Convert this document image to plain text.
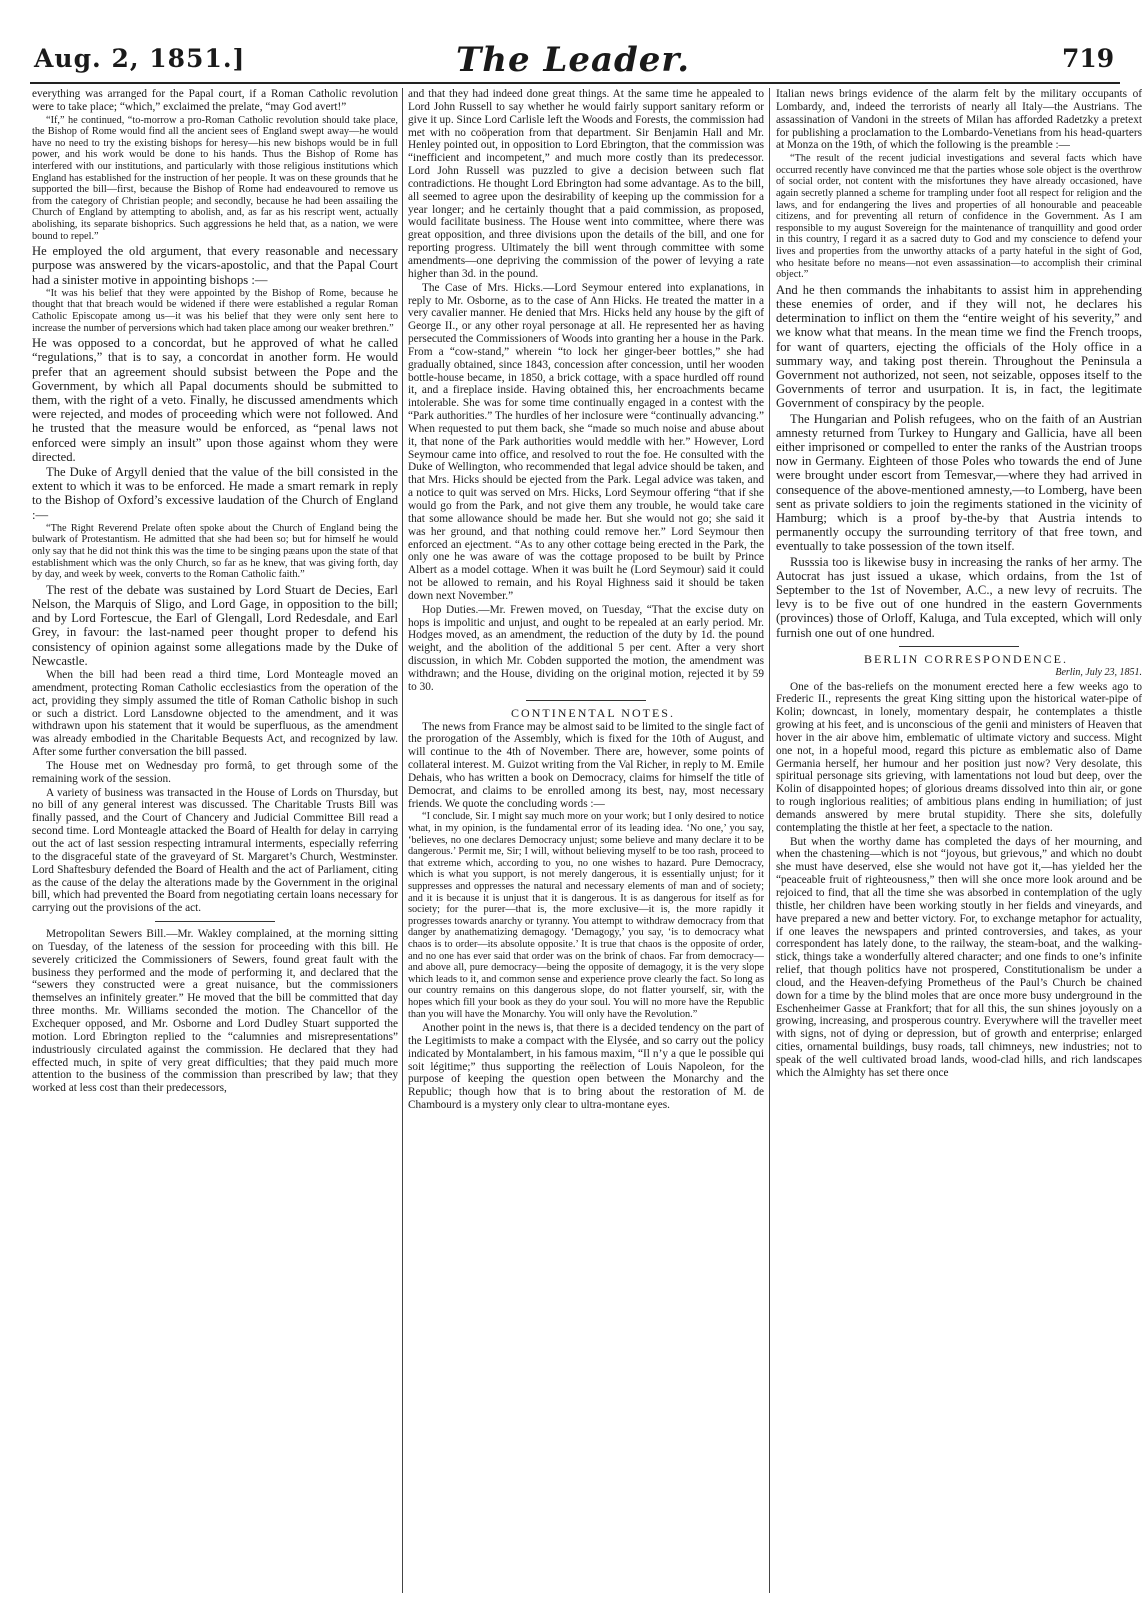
Aug. 2, 1851.]	The Leader.	719

everything was arranged for the Papal court, if a Roman Catholic revolution were to take place; “which,” exclaimed the prelate, “may God avert!”

“If,” he continued, “to-morrow a pro-Roman Catholic revolution should take place, the Bishop of Rome would find all the ancient sees of England swept away—he would have no need to try the existing bishops for heresy—his new bishops would be in full power, and his work would be done to his hands. Thus the Bishop of Rome has interfered with our institutions, and particularly with those religious institutions which England has established for the instruction of her people. It was on these grounds that he supported the bill—first, because the Bishop of Rome had endeavoured to remove us from the category of Christian people; and secondly, because he had been assailing the Church of England by attempting to abolish, and, as far as his rescript went, actually abolishing, its separate bishoprics. Such aggressions he held that, as a nation, we were bound to repel.”

He employed the old argument, that every reasonable and necessary purpose was answered by the vicars-apostolic, and that the Papal Court had a sinister motive in appointing bishops :—

“It was his belief that they were appointed by the Bishop of Rome, because he thought that that breach would be widened if there were established a regular Roman Catholic Episcopate among us—it was his belief that they were only sent here to increase the number of perversions which had taken place among our weaker brethren.”

He was opposed to a concordat, but he approved of what he called “regulations,” that is to say, a concordat in another form. He would prefer that an agreement should subsist between the Pope and the Government, by which all Papal documents should be submitted to them, with the right of a veto. Finally, he discussed amendments which were rejected, and modes of proceeding which were not followed. And he trusted that the measure would be enforced, as “penal laws not enforced were simply an insult” upon those against whom they were directed.

The Duke of Argyll denied that the value of the bill consisted in the extent to which it was to be enforced. He made a smart remark in reply to the Bishop of Oxford’s excessive laudation of the Church of England :—

“The Right Reverend Prelate often spoke about the Church of England being the bulwark of Protestantism. He admitted that she had been so; but for himself he would only say that he did not think this was the time to be singing pæans upon the state of that establishment which was the only Church, so far as he knew, that was giving forth, day by day, and week by week, converts to the Roman Catholic faith.”

The rest of the debate was sustained by Lord Stuart de Decies, Earl Nelson, the Marquis of Sligo, and Lord Gage, in opposition to the bill; and by Lord Fortescue, the Earl of Glengall, Lord Redesdale, and Earl Grey, in favour: the last-named peer thought proper to defend his consistency of opinion against some allegations made by the Duke of Newcastle.

When the bill had been read a third time, Lord Monteagle moved an amendment, protecting Roman Catholic ecclesiastics from the operation of the act, providing they simply assumed the title of Roman Catholic bishop in such or such a district. Lord Lansdowne objected to the amendment, and it was withdrawn upon his statement that it would be superfluous, as the amendment was already embodied in the Charitable Bequests Act, and recognized by law. After some further conversation the bill passed.

The House met on Wednesday pro formâ, to get through some of the remaining work of the session.

A variety of business was transacted in the House of Lords on Thursday, but no bill of any general interest was discussed. The Charitable Trusts Bill was finally passed, and the Court of Chancery and Judicial Committee Bill read a second time. Lord Monteagle attacked the Board of Health for delay in carrying out the act of last session respecting intramural interments, especially referring to the disgraceful state of the graveyard of St. Margaret’s Church, Westminster. Lord Shaftesbury defended the Board of Health and the act of Parliament, citing as the cause of the delay the alterations made by the Government in the original bill, which had prevented the Board from negotiating certain loans necessary for carrying out the provisions of the act.

Metropolitan Sewers Bill.—Mr. Wakley complained, at the morning sitting on Tuesday, of the lateness of the session for proceeding with this bill. He severely criticized the Commissioners of Sewers, found great fault with the business they performed and the mode of performing it, and declared that the “sewers they constructed were a great nuisance, but the commissioners themselves an infinitely greater.” He moved that the bill be committed that day three months. Mr. Williams seconded the motion. The Chancellor of the Exchequer opposed, and Mr. Osborne and Lord Dudley Stuart supported the motion. Lord Ebrington replied to the “calumnies and misrepresentations” industriously circulated against the commission. He declared that they had effected much, in spite of very great difficulties; that they paid much more attention to the business of the commission than prescribed by law; that they worked at less cost than their predecessors,

and that they had indeed done great things. At the same time he appealed to Lord John Russell to say whether he would fairly support sanitary reform or give it up. Since Lord Carlisle left the Woods and Forests, the commission had met with no coöperation from that department. Sir Benjamin Hall and Mr. Henley pointed out, in opposition to Lord Ebrington, that the commission was “inefficient and incompetent,” and much more costly than its predecessor. Lord John Russell was puzzled to give a decision between such flat contradictions. He thought Lord Ebrington had some advantage. As to the bill, all seemed to agree upon the desirability of keeping up the commission for a year longer; and he certainly thought that a paid commission, as proposed, would facilitate business. The House went into committee, where there was great opposition, and three divisions upon the details of the bill, and one for reporting progress. Ultimately the bill went through committee with some amendments—one depriving the commission of the power of levying a rate higher than 3d. in the pound.

The Case of Mrs. Hicks.—Lord Seymour entered into explanations, in reply to Mr. Osborne, as to the case of Ann Hicks. He treated the matter in a very cavalier manner. He denied that Mrs. Hicks held any house by the gift of George II., or any other royal personage at all. He represented her as having persecuted the Commissioners of Woods into granting her a house in the Park. From a “cow-stand,” wherein “to lock her ginger-beer bottles,” she had gradually obtained, since 1843, concession after concession, until her wooden bottle-house became, in 1850, a brick cottage, with a space hurdled off round it, and a fireplace inside. Having obtained this, her encroachments became intolerable. She was for some time continually engaged in a contest with the “Park authorities.” The hurdles of her inclosure were “continually advancing.” When requested to put them back, she “made so much noise and abuse about it, that none of the Park authorities would meddle with her.” However, Lord Seymour came into office, and resolved to rout the foe. He consulted with the Duke of Wellington, who recommended that legal advice should be taken, and that Mrs. Hicks should be ejected from the Park. Legal advice was taken, and a notice to quit was served on Mrs. Hicks, Lord Seymour offering “that if she would go from the Park, and not give them any trouble, he would take care that some allowance should be made her. But she would not go; she said it was her ground, and that nothing could remove her.” Lord Seymour then enforced an ejectment. “As to any other cottage being erected in the Park, the only one he was aware of was the cottage proposed to be built by Prince Albert as a model cottage. When it was built he (Lord Seymour) said it could not be allowed to remain, and his Royal Highness said it should be taken down next November.”

Hop Duties.—Mr. Frewen moved, on Tuesday, “That the excise duty on hops is impolitic and unjust, and ought to be repealed at an early period. Mr. Hodges moved, as an amendment, the reduction of the duty by 1d. the pound weight, and the abolition of the additional 5 per cent. After a very short discussion, in which Mr. Cobden supported the motion, the amendment was withdrawn; and the House, dividing on the original motion, rejected it by 59 to 30.

CONTINENTAL NOTES.

The news from France may be almost said to be limited to the single fact of the prorogation of the Assembly, which is fixed for the 10th of August, and will continue to the 4th of November. There are, however, some points of collateral interest. M. Guizot writing from the Val Richer, in reply to M. Emile Dehais, who has written a book on Democracy, claims for himself the title of Democrat, and claims to be enrolled among its best, nay, most necessary friends. We quote the concluding words :—

“I conclude, Sir. I might say much more on your work; but I only desired to notice what, in my opinion, is the fundamental error of its leading idea. ‘No one,’ you say, ‘believes, no one declares Democracy unjust; some believe and many declare it to be dangerous.’ Permit me, Sir; I will, without believing myself to be too rash, proceed to that extreme which, according to you, no one wishes to hazard. Pure Democracy, which is what you support, is not merely dangerous, it is essentially unjust; for it suppresses and oppresses the natural and necessary elements of man and of society; and it is because it is unjust that it is dangerous. It is as dangerous for itself as for society; for the purer—that is, the more exclusive—it is, the more rapidly it progresses towards anarchy or tyranny. You attempt to withdraw democracy from that danger by anathematizing demagogy. ‘Demagogy,’ you say, ‘is to democracy what chaos is to order—its absolute opposite.’ It is true that chaos is the opposite of order, and no one has ever said that order was on the brink of chaos. Far from democracy—and above all, pure democracy—being the opposite of demagogy, it is the very slope which leads to it, and common sense and experience prove clearly the fact. So long as our country remains on this dangerous slope, do not flatter yourself, sir, with the hopes which fill your book as they do your soul. You will no more have the Republic than you will have the Monarchy. You will only have the Revolution.”

Another point in the news is, that there is a decided tendency on the part of the Legitimists to make a compact with the Elysée, and so carry out the policy indicated by Montalambert, in his famous maxim, “Il n’y a que le possible qui soit légitime;” thus supporting the reëlection of Louis Napoleon, for the purpose of keeping the question open between the Monarchy and the Republic; though how that is to bring about the restoration of M. de Chambourd is a mystery only clear to ultra-montane eyes.

Italian news brings evidence of the alarm felt by the military occupants of Lombardy, and, indeed the terrorists of nearly all Italy—the Austrians. The assassination of Vandoni in the streets of Milan has afforded Radetzky a pretext for publishing a proclamation to the Lombardo-Venetians from his head-quarters at Monza on the 19th, of which the following is the preamble :—

“The result of the recent judicial investigations and several facts which have occurred recently have convinced me that the parties whose sole object is the overthrow of social order, not content with the misfortunes they have already occasioned, have again secretly planned a scheme for trampling under foot all respect for religion and the laws, and for endangering the lives and properties of all honourable and peaceable citizens, and for preventing all return of confidence in the Government. As I am responsible to my august Sovereign for the maintenance of tranquillity and good order in this country, I regard it as a sacred duty to God and my conscience to defend your lives and properties from the unworthy attacks of a party hateful in the sight of God, who hesitate before no means—not even assassination—to accomplish their criminal object.”

And he then commands the inhabitants to assist him in apprehending these enemies of order, and if they will not, he declares his determination to inflict on them the “entire weight of his severity,” and we know what that means. In the mean time we find the French troops, for want of quarters, ejecting the officials of the Holy office in a summary way, and taking post therein. Throughout the Peninsula a Government not authorized, not seen, not seizable, opposes itself to the Governments of terror and usurpation. It is, in fact, the legitimate Government of conspiracy by the people.

The Hungarian and Polish refugees, who on the faith of an Austrian amnesty returned from Turkey to Hungary and Gallicia, have all been either imprisoned or compelled to enter the ranks of the Austrian troops now in Germany. Eighteen of those Poles who towards the end of June were brought under escort from Temesvar,—where they had arrived in consequence of the above-mentioned amnesty,—to Lomberg, have been sent as private soldiers to join the regiments stationed in the vicinity of Hamburg; which is a proof by-the-by that Austria intends to permanently occupy the surrounding territory of that free town, and eventually to take possession of the town itself.

Russsia too is likewise busy in increasing the ranks of her army. The Autocrat has just issued a ukase, which ordains, from the 1st of September to the 1st of November, A.C., a new levy of recruits. The levy is to be five out of one hundred in the eastern Governments (provinces) those of Orloff, Kaluga, and Tula excepted, which will only furnish one out of one hundred.

BERLIN CORRESPONDENCE.

Berlin, July 23, 1851.

One of the bas-reliefs on the monument erected here a few weeks ago to Frederic II., represents the great King sitting upon the historical water-pipe of Kolin; downcast, in lonely, momentary despair, he contemplates a thistle growing at his feet, and is unconscious of the genii and ministers of Heaven that hover in the air above him, emblematic of ultimate victory and success. Might one not, in a hopeful mood, regard this picture as emblematic also of Dame Germania herself, her humour and her position just now? Very desolate, this spiritual personage sits grieving, with lamentations not loud but deep, over the Kolin of disappointed hopes; of glorious dreams dissolved into thin air, or gone to rough inglorious realities; of ambitious plans ending in humiliation; of just demands answered by mere brutal stupidity. There she sits, dolefully contemplating the thistle at her feet, a spectacle to the nation.

But when the worthy dame has completed the days of her mourning, and when the chastening—which is not “joyous, but grievous,” and which no doubt she must have deserved, else she would not have got it,—has yielded her the “peaceable fruit of righteousness,” then will she once more look around and be rejoiced to find, that all the time she was absorbed in contemplation of the ugly thistle, her children have been working stoutly in her fields and vineyards, and have prepared a new and better victory. For, to exchange metaphor for actuality, if one leaves the newspapers and printed controversies, and takes, as your correspondent has lately done, to the railway, the steam-boat, and the walking-stick, things take a wonderfully altered character; and one finds to one’s infinite relief, that though politics have not prospered, Constitutionalism be under a cloud, and the Heaven-defying Prometheus of the Paul’s Church be chained down for a time by the blind moles that are once more busy underground in the Eschenheimer Gasse at Frankfort; that for all this, the sun shines joyously on a growing, increasing, and prosperous country. Everywhere will the traveller meet with signs, not of dying or depression, but of growth and enterprise; enlarged cities, ornamental buildings, busy roads, tall chimneys, new industries; not to speak of the well cultivated broad lands, wood-clad hills, and rich landscapes which the Almighty has set there once
